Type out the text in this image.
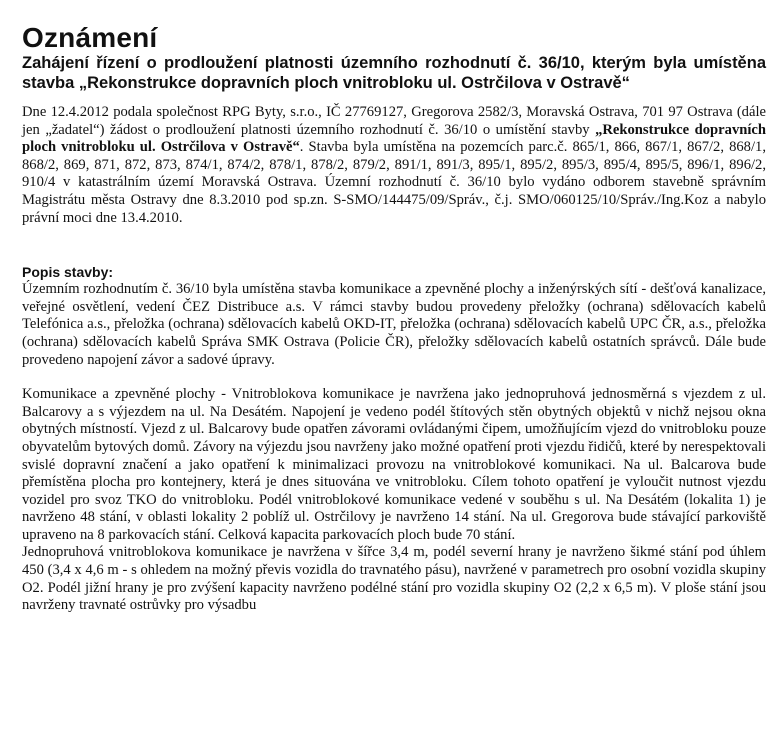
Oznámení
Zahájení řízení o prodloužení platnosti územního rozhodnutí č. 36/10, kterým byla umístěna stavba „Rekonstrukce dopravních ploch vnitrobloku ul. Ostrčilova v Ostravě“

Dne 12.4.2012 podala společnost RPG Byty, s.r.o., IČ 27769127, Gregorova 2582/3, Moravská Ostrava, 701 97 Ostrava (dále jen „žadatel“) žádost o prodloužení platnosti územního rozhodnutí č. 36/10 o umístění stavby „Rekonstrukce dopravních ploch vnitrobloku ul. Ostrčilova v Ostravě“. Stavba byla umístěna na pozemcích parc.č. 865/1, 866, 867/1, 867/2, 868/1, 868/2, 869, 871, 872, 873, 874/1, 874/2, 878/1, 878/2, 879/2, 891/1, 891/3, 895/1, 895/2, 895/3, 895/4, 895/5, 896/1, 896/2, 910/4 v katastrálním území Moravská Ostrava. Územní rozhodnutí č. 36/10 bylo vydáno odborem stavebně správním Magistrátu města Ostravy dne 8.3.2010 pod sp.zn. S-SMO/144475/09/Správ., č.j. SMO/060125/10/Správ./Ing.Koz a nabylo právní moci dne 13.4.2010.

Popis stavby:

Územním rozhodnutím č. 36/10 byla umístěna stavba komunikace a zpevněné plochy a inženýrských sítí - dešťová kanalizace, veřejné osvětlení, vedení ČEZ Distribuce a.s. V rámci stavby budou provedeny přeložky (ochrana) sdělovacích kabelů Telefónica a.s., přeložka (ochrana) sdělovacích kabelů OKD-IT, přeložka (ochrana) sdělovacích kabelů UPC ČR, a.s., přeložka (ochrana) sdělovacích kabelů Správa SMK Ostrava (Policie ČR), přeložky sdělovacích kabelů ostatních správců. Dále bude provedeno napojení závor a sadové úpravy.

Komunikace a zpevněné plochy - Vnitroblokova komunikace je navržena jako jednopruhová jednosměrná s vjezdem z ul. Balcarovy a s výjezdem na ul. Na Desátém. Napojení je vedeno podél štítových stěn obytných objektů v nichž nejsou okna obytných místností. Vjezd z ul. Balcarovy bude opatřen závorami ovládanými čipem, umožňujícím vjezd do vnitrobloku pouze obyvatelům bytových domů. Závory na výjezdu jsou navrženy jako možné opatření proti vjezdu řidičů, které by nerespektovali svislé dopravní značení a jako opatření k minimalizaci provozu na vnitroblokové komunikaci. Na ul. Balcarova bude přemístěna plocha pro kontejnery, která je dnes situována ve vnitrobloku. Cílem tohoto opatření je vyloučit nutnost vjezdu vozidel pro svoz TKO do vnitrobloku. Podél vnitroblokové komunikace vedené v souběhu s ul. Na Desátém (lokalita 1) je navrženo 48 stání, v oblasti lokality 2 poblíž ul. Ostrčilovy je navrženo 14 stání. Na ul. Gregorova bude stávající parkoviště upraveno na 8 parkovacích stání. Celková kapacita parkovacích ploch bude 70 stání.

Jednopruhová vnitroblokova komunikace je navržena v šířce 3,4 m, podél severní hrany je navrženo šikmé stání pod úhlem 450 (3,4 x 4,6 m - s ohledem na možný převis vozidla do travnatého pásu), navržené v parametrech pro osobní vozidla skupiny O2. Podél jižní hrany je pro zvýšení kapacity navrženo podélné stání pro vozidla skupiny O2 (2,2 x 6,5 m). V ploše stání jsou navrženy travnaté ostrůvky pro výsadbu
